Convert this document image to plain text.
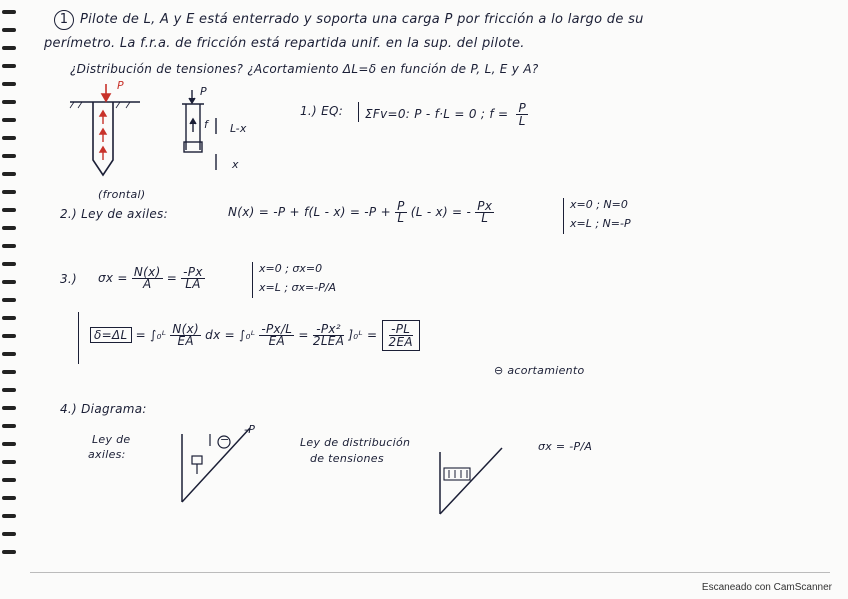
1 Pilote de L, A y E está enterrado y soporta una carga P por fricción a lo largo de su
perímetro. La f.r.a. de fricción está repartida unif. en la sup. del pilote.
¿Distribución de tensiones? ¿Acortamiento ΔL=δ en función de P, L, E y A?
P	P
f L-x
x
(frontal)
1.) EQ:	ΣFv=0: P - f·L = 0 ; $f = \frac{P}{L}$
2.) Ley de axiles:	$N(x) = -P + f(L - x) = -P + \frac{P}{L} (L - x)$ = - $\frac{Px}{L}$	x=0 ; N=0
x=L ; N=-P
3.) $\sigma x = \frac{N(x)}{A} = \frac{-Px}{LA}$	x=0 ; σx=0
x=L ; σx=-P/A
δ=ΔL = ∫₀ᴸ $\frac{N(x)}{EA}$ dx = ∫₀ᴸ $\frac{-Px/L}{EA} = -Px^2$
2LEA ]₀ᴸ = $\frac{-PL}{2EA}$
⊖ acortamiento
4.) Diagrama:
Ley de
axiles:
−
-P
Ley de distribución
de tensiones
σx = -P/A
Escaneado con CamScanner
